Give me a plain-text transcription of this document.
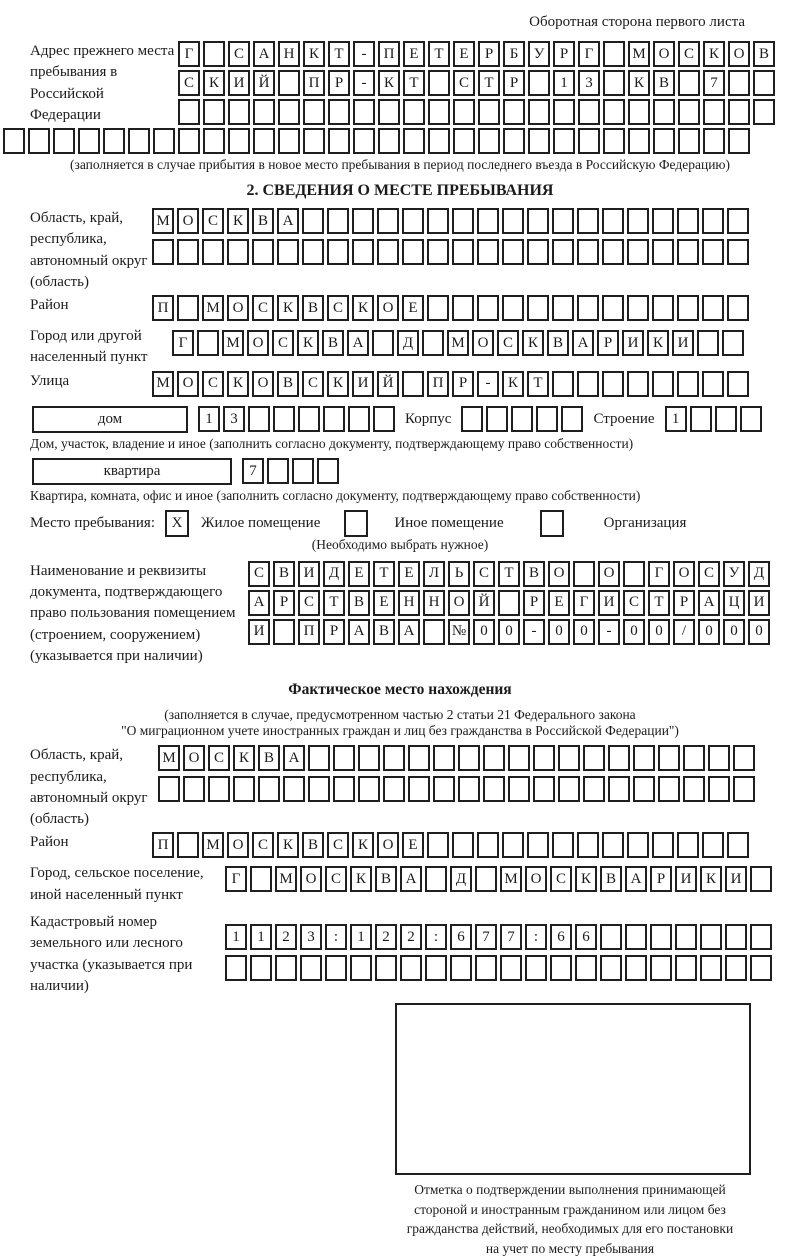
Оборотная сторона первого листа
Адрес прежнего места пребывания в Российской Федерации
Г	С А Н К	Т	-	П Е	Т	Е	Р	Б	У	Р	Г	М О С К О В
С К И Й	П	Р	-	К	Т	С	Т	Р	1	3	К В	7
(заполняется в случае прибытия в новое место пребывания в период последнего въезда в Российскую Федерацию)
2. СВЕДЕНИЯ О МЕСТЕ ПРЕБЫВАНИЯ
Область, край, республика, автономный округ (область)
М О С К В А
Район	П	М О С К В С К О Е
Город или другой населенный пункт
Г	М О С К В А	Д	М О С К В А	Р	И К И
Улица	М О С К О В С К И Й	П	Р	-	К	Т
дом	1	3	Корпус	Строение	1
Дом, участок, владение и иное (заполнить согласно документу, подтверждающему право собственности)
квартира	7
Квартира, комната, офис и иное (заполнить согласно документу, подтверждающему право собственности)
Место пребывания:	X	Жилое помещение	Иное помещение	Организация
(Необходимо выбрать нужное)
Наименование и реквизиты документа, подтверждающего право пользования помещением (строением, сооружением) (указывается при наличии)
С В И Д	Е	Т	Е	Л	Ь	С	Т	В О	О	Г	О С У Д
А	Р	С	Т	В	Е	Н Н О Й	Р	Е	Г	И С	Т	Р	А Ц И
И	П	Р	А В А	№ 0	0	-	0	0	-	0	0	/	0	0	0
Фактическое место нахождения
(заполняется в случае, предусмотренном частью 2 статьи 21 Федерального закона
"О миграционном учете иностранных граждан и лиц без гражданства в Российской Федерации")
Область, край, республика, автономный округ (область)
М О С К В А
Район	П	М О С К В С К О Е
Город, сельское поселение, иной населенный пункт
Г	М О С К В А	Д	М О С К В А	Р	И К И
Кадастровый номер земельного или лесного участка (указывается при наличии)
1	1	2	3	:	1	2	2	:	6	7	7	:	6	6
Отметка о подтверждении выполнения принимающей
стороной и иностранным гражданином или лицом без
гражданства действий, необходимых для его постановки
на учет по месту пребывания
